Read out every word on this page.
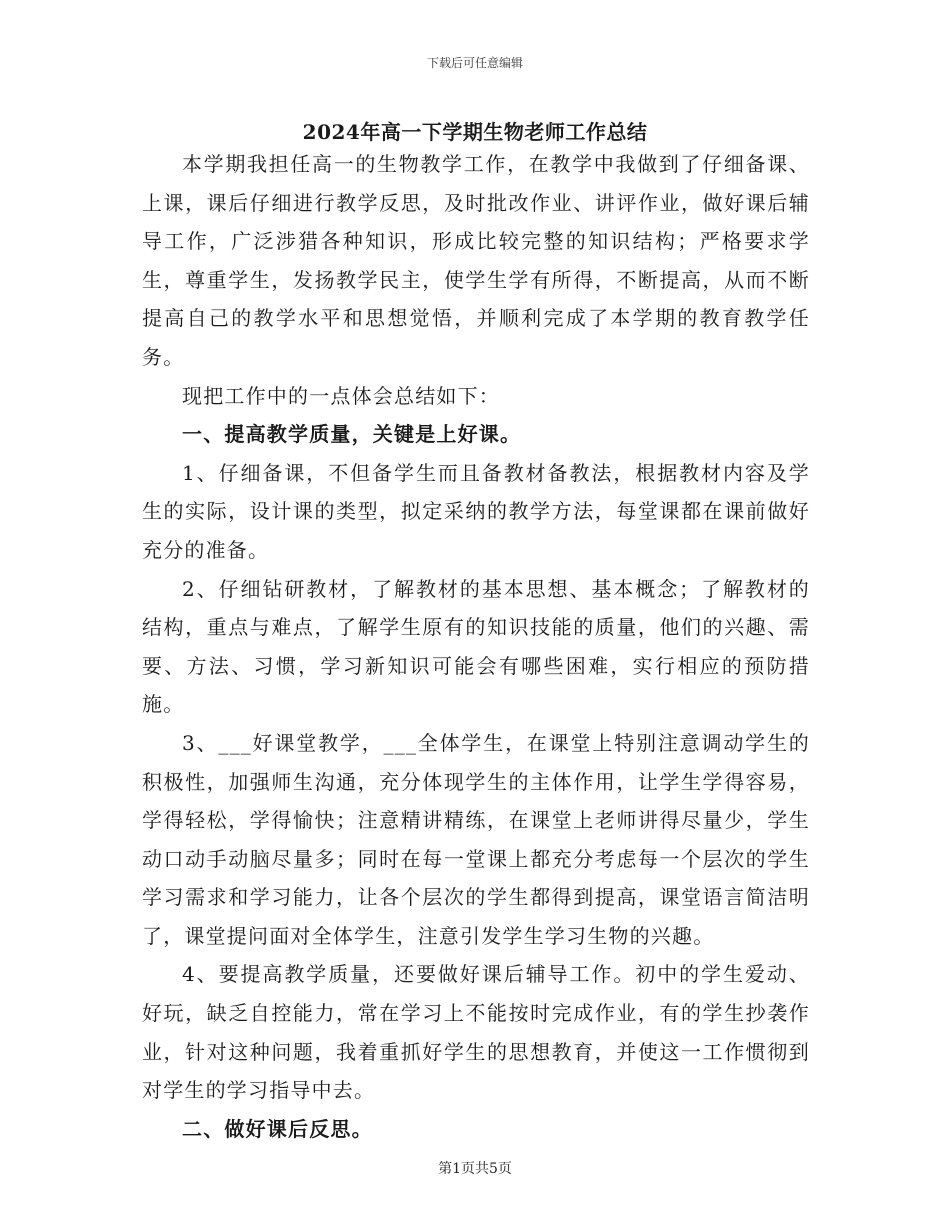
下载后可任意编辑
2024年高一下学期生物老师工作总结

本学期我担任高一的生物教学工作，在教学中我做到了仔细备课、上课，课后仔细进行教学反思，及时批改作业、讲评作业，做好课后辅导工作，广泛涉猎各种知识，形成比较完整的知识结构；严格要求学生，尊重学生，发扬教学民主，使学生学有所得，不断提高，从而不断提高自己的教学水平和思想觉悟，并顺利完成了本学期的教育教学任务。

现把工作中的一点体会总结如下：

一、提高教学质量，关键是上好课。

1、仔细备课，不但备学生而且备教材备教法，根据教材内容及学生的实际，设计课的类型，拟定采纳的教学方法，每堂课都在课前做好充分的准备。

2、仔细钻研教材，了解教材的基本思想、基本概念；了解教材的结构，重点与难点，了解学生原有的知识技能的质量，他们的兴趣、需要、方法、习惯，学习新知识可能会有哪些困难，实行相应的预防措施。

3、___好课堂教学，___全体学生，在课堂上特别注意调动学生的积极性，加强师生沟通，充分体现学生的主体作用，让学生学得容易，学得轻松，学得愉快；注意精讲精练，在课堂上老师讲得尽量少，学生动口动手动脑尽量多；同时在每一堂课上都充分考虑每一个层次的学生学习需求和学习能力，让各个层次的学生都得到提高，课堂语言简洁明了，课堂提问面对全体学生，注意引发学生学习生物的兴趣。

4、要提高教学质量，还要做好课后辅导工作。初中的学生爱动、好玩，缺乏自控能力，常在学习上不能按时完成作业，有的学生抄袭作业，针对这种问题，我着重抓好学生的思想教育，并使这一工作惯彻到对学生的学习指导中去。

二、做好课后反思。

第1页共5页
